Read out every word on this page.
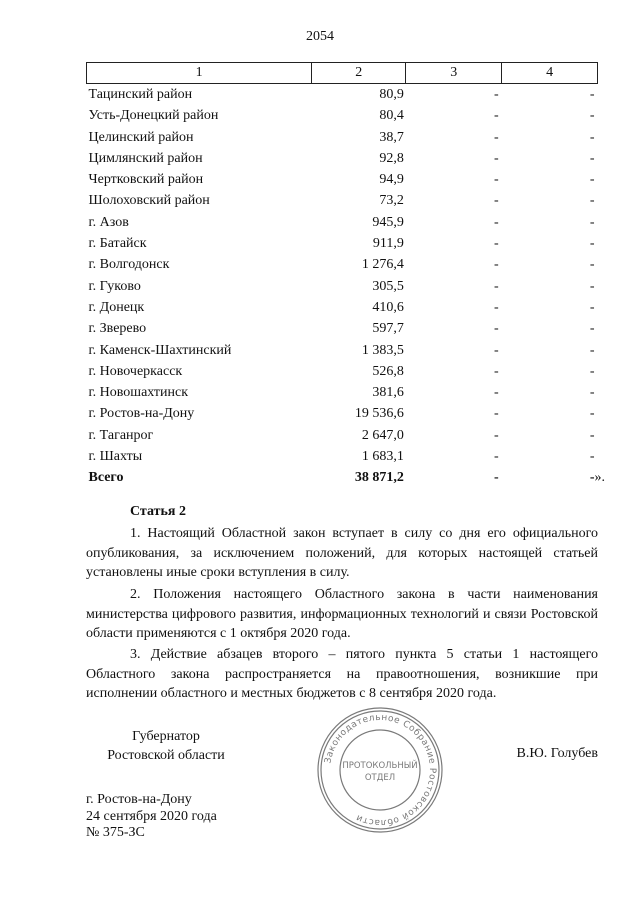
2054
1	2	3	4
Тацинский район	80,9	-	-
Усть-Донецкий район	80,4	-	-
Целинский район	38,7	-	-
Цимлянский район	92,8	-	-
Чертковский район	94,9	-	-
Шолоховский район	73,2	-	-
г. Азов	945,9	-	-
г. Батайск	911,9	-	-
г. Волгодонск	1 276,4	-	-
г. Гуково	305,5	-	-
г. Донецк	410,6	-	-
г. Зверево	597,7	-	-
г. Каменск-Шахтинский	1 383,5	-	-
г. Новочеркасск	526,8	-	-
г. Новошахтинск	381,6	-	-
г. Ростов-на-Дону	19 536,6	-	-
г. Таганрог	2 647,0	-	-
г. Шахты	1 683,1	-	-
Всего	38 871,2	-	- ».
Статья 2

1. Настоящий Областной закон вступает в силу со дня его официального опубликования, за исключением положений, для которых настоящей статьей установлены иные сроки вступления в силу.

2. Положения настоящего Областного закона в части наименования министерства цифрового развития, информационных технологий и связи Ростовской области применяются с 1 октября 2020 года.

3. Действие абзацев второго – пятого пункта 5 статьи 1 настоящего Областного закона распространяется на правоотношения, возникшие при исполнении областного и местных бюджетов с 8 сентября 2020 года.

Губернатор
Ростовской области	Законодательное Собрание Ростовской области
ПРОТОКОЛЬНЫЙ
ОТДЕЛ
В.Ю. Голубев
г. Ростов-на-Дону
24 сентября 2020 года
№ 375-ЗС
